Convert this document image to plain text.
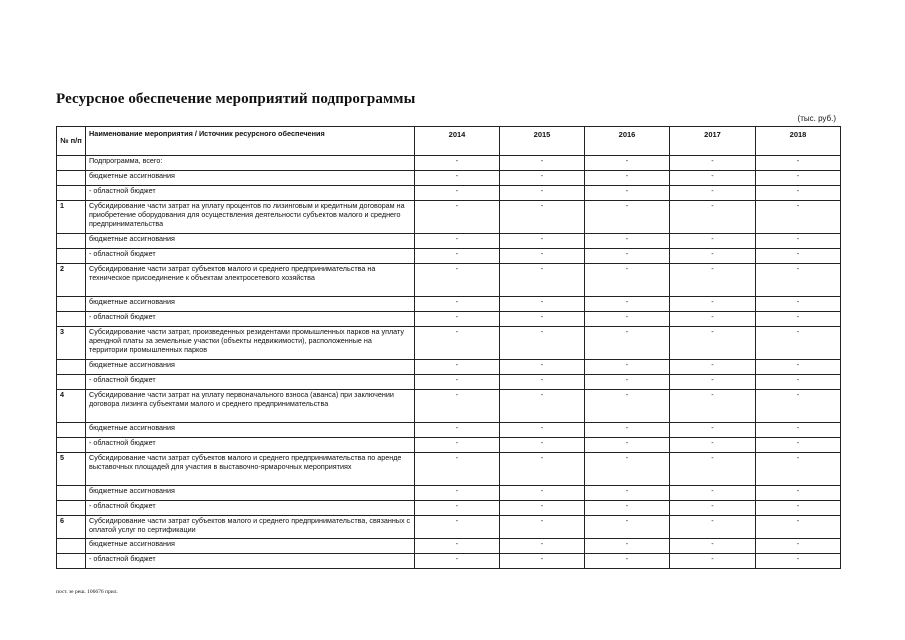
Ресурсное обеспечение мероприятий подпрограммы
(тыс. руб.)
№ п/п	Наименование мероприятия / Источник ресурсного обеспечения	2014	2015	2016	2017	2018
	Подпрограмма, всего:	-	-	-	-	-
	бюджетные ассигнования	-	-	-	-	-
	- областной бюджет	-	-	-	-	-
1	Субсидирование части затрат на уплату процентов по лизинговым и кредитным договорам на приобретение оборудования для осуществления деятельности субъектов малого и среднего предпринимательства	-	-	-	-	-
	бюджетные ассигнования	-	-	-	-	-
	- областной бюджет	-	-	-	-	-
2	Субсидирование части затрат субъектов малого и среднего предпринимательства на техническое присоединение к объектам электросетевого хозяйства	-	-	-	-	-
	бюджетные ассигнования	-	-	-	-	-
	- областной бюджет	-	-	-	-	-
3	Субсидирование части затрат, произведенных резидентами промышленных парков на уплату арендной платы за земельные участки (объекты недвижимости), расположенные на территории промышленных парков	-	-	-	-	-
	бюджетные ассигнования	-	-	-	-	-
	- областной бюджет	-	-	-	-	-
4	Субсидирование части затрат на уплату первоначального взноса (аванса) при заключении договора лизинга субъектами малого и среднего предпринимательства	-	-	-	-	-
	бюджетные ассигнования	-	-	-	-	-
	- областной бюджет	-	-	-	-	-
5	Субсидирование части затрат субъектов малого и среднего предпринимательства по аренде выставочных площадей для участия в выставочно-ярмарочных мероприятиях	-	-	-	-	-
	бюджетные ассигнования	-	-	-	-	-
	- областной бюджет	-	-	-	-	-
6	Субсидирование части затрат субъектов малого и среднего предпринимательства, связанных с оплатой услуг по сертификации	-	-	-	-	-
	бюджетные ассигнования	-	-	-	-	-
	- областной бюджет	-	-	-	-	-
пост. зе реш. 106676 прил.
